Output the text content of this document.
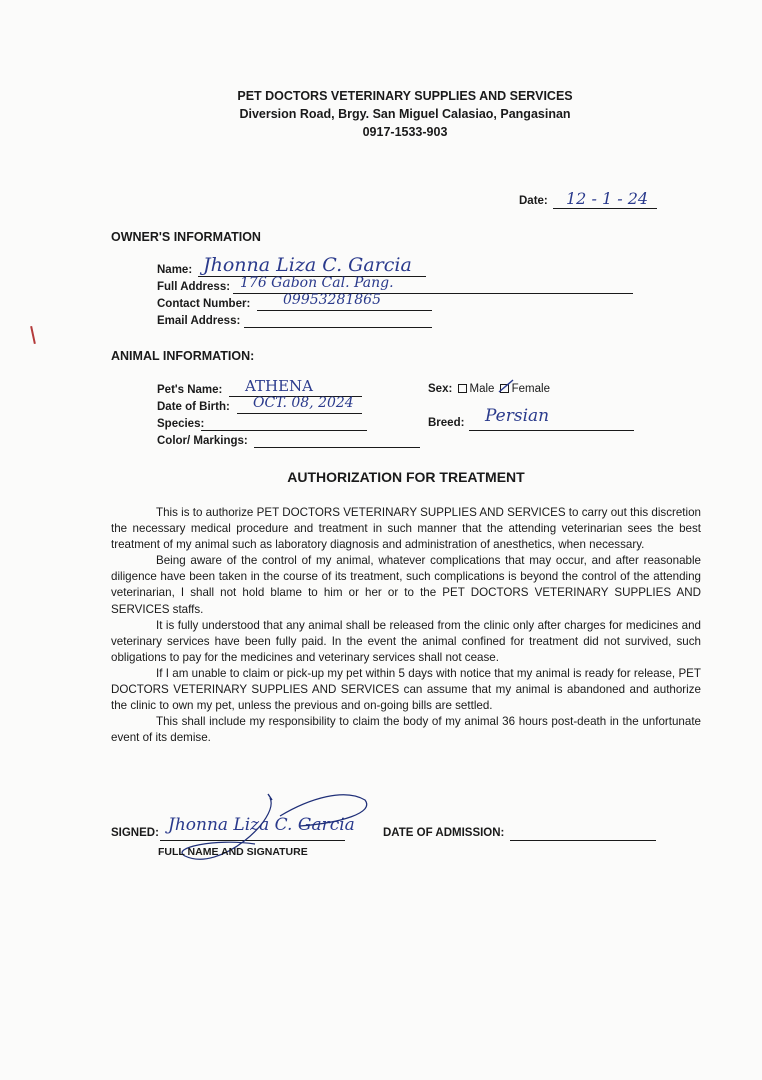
PET DOCTORS VETERINARY SUPPLIES AND SERVICES
Diversion Road, Brgy. San Miguel Calasiao, Pangasinan
0917-1533-903
Date: 12 - 1 - 24
OWNER'S INFORMATION
Name: Jhonna Liza C. Garcia
Full Address: 176 Gabon Cal. Pang.
Contact Number: 09953281865
Email Address:
ANIMAL INFORMATION:
Pet's Name: ATHENA
Date of Birth: OCT. 08, 2024
Species:
Color/ Markings:
Sex: Male Female
Breed: Persian
AUTHORIZATION FOR TREATMENT

This is to authorize PET DOCTORS VETERINARY SUPPLIES AND SERVICES to carry out this discretion the necessary medical procedure and treatment in such manner that the attending veterinarian sees the best treatment of my animal such as laboratory diagnosis and administration of anesthetics, when necessary.

Being aware of the control of my animal, whatever complications that may occur, and after reasonable diligence have been taken in the course of its treatment, such complications is beyond the control of the attending veterinarian, I shall not hold blame to him or her or to the PET DOCTORS VETERINARY SUPPLIES AND SERVICES staffs.

It is fully understood that any animal shall be released from the clinic only after charges for medicines and veterinary services have been fully paid. In the event the animal confined for treatment did not survived, such obligations to pay for the medicines and veterinary services shall not cease.

If I am unable to claim or pick-up my pet within 5 days with notice that my animal is ready for release, PET DOCTORS VETERINARY SUPPLIES AND SERVICES can assume that my animal is abandoned and authorize the clinic to own my pet, unless the previous and on-going bills are settled.

This shall include my responsibility to claim the body of my animal 36 hours post-death in the unfortunate event of its demise.

SIGNED: Jhonna Liza C. Garcia
FULL NAME AND SIGNATURE
DATE OF ADMISSION:
